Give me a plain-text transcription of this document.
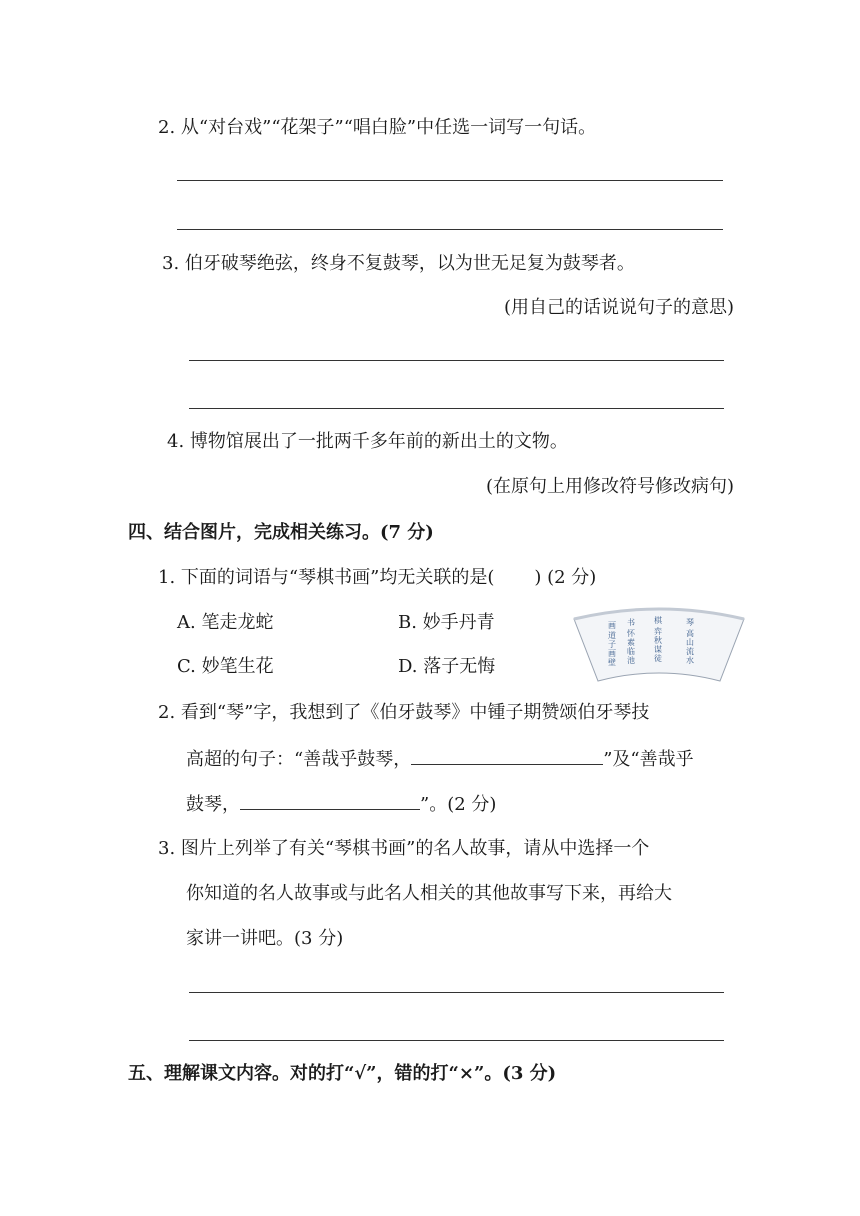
2. 从“对台戏”“花架子”“唱白脸”中任选一词写一句话。
3. 伯牙破琴绝弦，终身不复鼓琴，以为世无足复为鼓琴者。
(用自己的话说说句子的意思)
4. 博物馆展出了一批两千多年前的新出土的文物。
(在原句上用修改符号修改病句)
四、结合图片，完成相关练习。(7 分)
1. 下面的词语与“琴棋书画”均无关联的是( ) (2 分)
A. 笔走龙蛇	B. 妙手丹青
C. 妙笔生花	D. 落子无悔
画 书 棋	琴
道
子
画
壁
怀
素
临
池
弈
秋
谋
徒
高
山
流
水
2. 看到“琴”字，我想到了《伯牙鼓琴》中锺子期赞颂伯牙琴技
高超的句子：“善哉乎鼓琴，	”及“善哉乎
鼓琴，	”。(2 分)
3. 图片上列举了有关“琴棋书画”的名人故事，请从中选择一个
你知道的名人故事或与此名人相关的其他故事写下来，再给大
家讲一讲吧。(3 分)
五、理解课文内容。对的打“√”，错的打“×”。(3 分)
